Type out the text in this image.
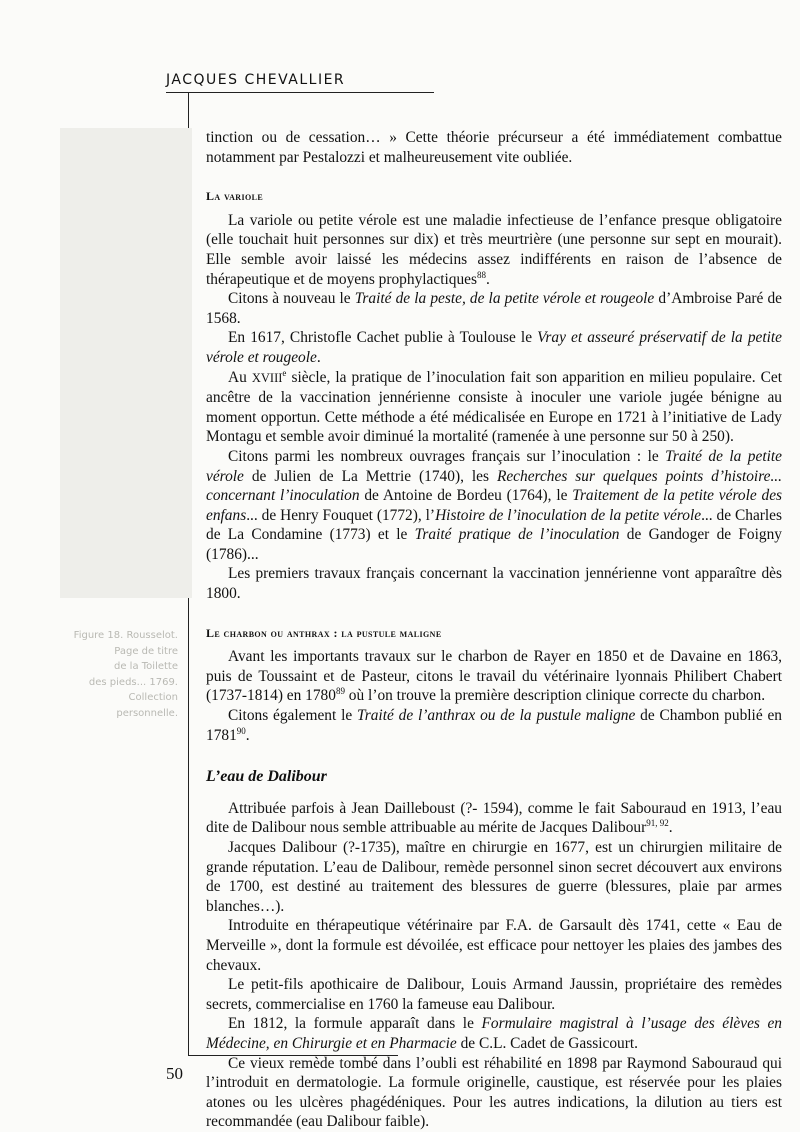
JACQUES CHEVALLIER
50
Figure 18. Rousselot.
Page de titre
de la Toilette
des pieds... 1769.
Collection
personnelle.

tinction ou de cessation… » Cette théorie précurseur a été immédiatement combattue notamment par Pestalozzi et malheureusement vite oubliée.

La variole

La variole ou petite vérole est une maladie infectieuse de l’enfance presque obligatoire (elle touchait huit personnes sur dix) et très meurtrière (une personne sur sept en mourait). Elle semble avoir laissé les médecins assez indifférents en raison de l’absence de thérapeutique et de moyens prophylactiques$^{88}$.

Citons à nouveau le Traité de la peste, de la petite vérole et rougeole d’Ambroise Paré de 1568.

En 1617, Christofle Cachet publie à Toulouse le Vray et asseuré préservatif de la petite vérole et rougeole.

Au XVIIIe siècle, la pratique de l’inoculation fait son apparition en milieu populaire. Cet ancêtre de la vaccination jennérienne consiste à inoculer une variole jugée bénigne au moment opportun. Cette méthode a été médicalisée en Europe en 1721 à l’initiative de Lady Montagu et semble avoir diminué la mortalité (ramenée à une personne sur 50 à 250).

Citons parmi les nombreux ouvrages français sur l’inoculation : le Traité de la petite vérole de Julien de La Mettrie (1740), les Recherches sur quelques points d’histoire... concernant l’inoculation de Antoine de Bordeu (1764), le Traitement de la petite vérole des enfans... de Henry Fouquet (1772), l’Histoire de l’inoculation de la petite vérole... de Charles de La Condamine (1773) et le Traité pratique de l’inoculation de Gandoger de Foigny (1786)...

Les premiers travaux français concernant la vaccination jennérienne vont apparaître dès 1800.

Le charbon ou anthrax : la pustule maligne

Avant les importants travaux sur le charbon de Rayer en 1850 et de Davaine en 1863, puis de Toussaint et de Pasteur, citons le travail du vétérinaire lyonnais Philibert Chabert (1737-1814) en 1780$^{89}$ où l’on trouve la première description clinique correcte du charbon.

Citons également le Traité de l’anthrax ou de la pustule maligne de Chambon publié en 1781$^{90}$.

L’eau de Dalibour

Attribuée parfois à Jean Dailleboust (?- 1594), comme le fait Sabouraud en 1913, l’eau dite de Dalibour nous semble attribuable au mérite de Jacques Dalibour$^{91, 92}$.

Jacques Dalibour (?-1735), maître en chirurgie en 1677, est un chirurgien militaire de grande réputation. L’eau de Dalibour, remède personnel sinon secret découvert aux environs de 1700, est destiné au traitement des blessures de guerre (blessures, plaie par armes blanches…).

Introduite en thérapeutique vétérinaire par F.A. de Garsault dès 1741, cette « Eau de Merveille », dont la formule est dévoilée, est efficace pour nettoyer les plaies des jambes des chevaux.

Le petit-fils apothicaire de Dalibour, Louis Armand Jaussin, propriétaire des remèdes secrets, commercialise en 1760 la fameuse eau Dalibour.

En 1812, la formule apparaît dans le Formulaire magistral à l’usage des élèves en Médecine, en Chirurgie et en Pharmacie de C.L. Cadet de Gassicourt.

Ce vieux remède tombé dans l’oubli est réhabilité en 1898 par Raymond Sabouraud qui l’introduit en dermatologie. La formule originelle, caustique, est réservée pour les plaies atones ou les ulcères phagédéniques. Pour les autres indications, la dilution au tiers est recommandée (eau Dalibour faible).
